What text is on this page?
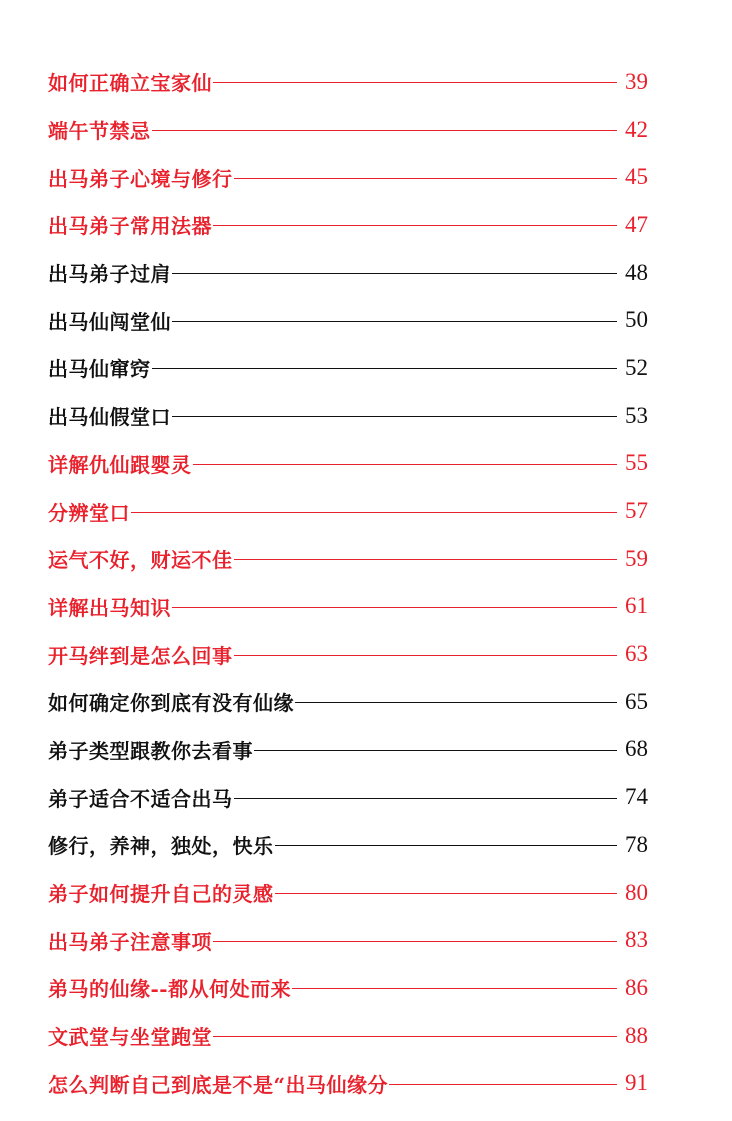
如何正确立宝家仙	39
端午节禁忌	42
出马弟子心境与修行	45
出马弟子常用法器	47
出马弟子过肩	48
出马仙闯堂仙	50
出马仙窜窍	52
出马仙假堂口	53
详解仇仙跟婴灵	55
分辨堂口	57
运气不好，财运不佳	59
详解出马知识	61
开马绊到是怎么回事	63
如何确定你到底有没有仙缘	65
弟子类型跟教你去看事	68
弟子适合不适合出马	74
修行，养神，独处，快乐	78
弟子如何提升自己的灵感	80
出马弟子注意事项	83
弟马的仙缘--都从何处而来	86
文武堂与坐堂跑堂	88
怎么判断自己到底是不是“出马仙缘分	91
